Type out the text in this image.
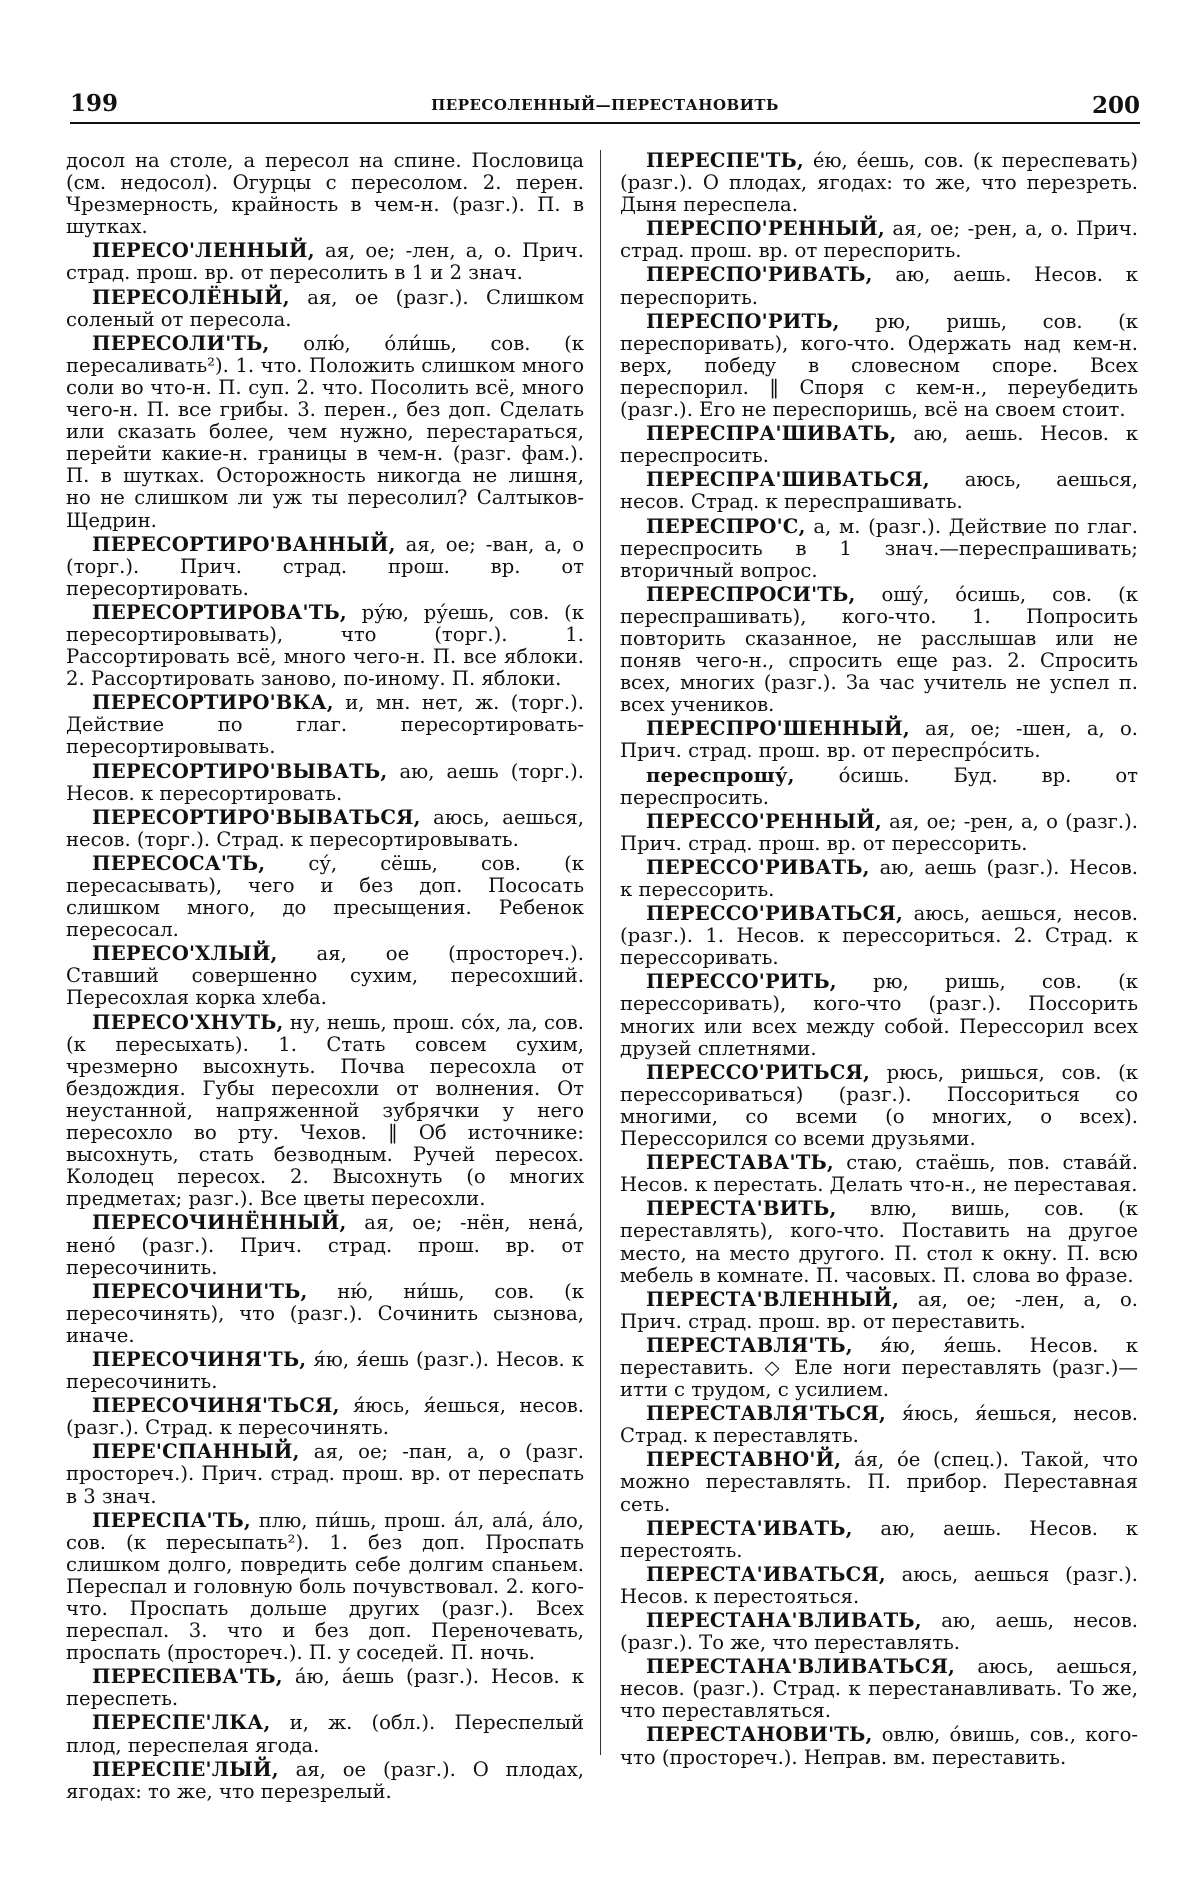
199	ПЕРЕСОЛЕННЫЙ—ПЕРЕСТАНОВИТЬ	200

досол на столе, а пересол на спине. Пословица (см. недосол). Огурцы с пересолом. 2. перен. Чрезмерность, крайность в чем-н. (разг.). П. в шутках.

ПЕРЕСО'ЛЕННЫЙ, ая, ое; -лен, а, о. Прич. страд. прош. вр. от пересолить в 1 и 2 знач.

ПЕРЕСОЛЁНЫЙ, ая, ое (разг.). Слишком соленый от пересола.

ПЕРЕСОЛИ'ТЬ, олю́, о́ли́шь, сов. (к пересаливать²). 1. что. Положить слишком много соли во что-н. П. суп. 2. что. Посолить всё, много чего-н. П. все грибы. 3. перен., без доп. Сделать или сказать более, чем нужно, перестараться, перейти какие-н. границы в чем-н. (разг. фам.). П. в шутках. Осторожность никогда не лишня, но не слишком ли уж ты пересолил? Салтыков-Щедрин.

ПЕРЕСОРТИРО'ВАННЫЙ, ая, ое; -ван, а, о (торг.). Прич. страд. прош. вр. от пересортировать.

ПЕРЕСОРТИРОВА'ТЬ, ру́ю, ру́ешь, сов. (к пересортировывать), что (торг.). 1. Рассортировать всё, много чего-н. П. все яблоки. 2. Рассортировать заново, по-иному. П. яблоки.

ПЕРЕСОРТИРО'ВКА, и, мн. нет, ж. (торг.). Действие по глаг. пересортировать-пересортировывать.

ПЕРЕСОРТИРО'ВЫВАТЬ, аю, аешь (торг.). Несов. к пересортировать.

ПЕРЕСОРТИРО'ВЫВАТЬСЯ, аюсь, аешься, несов. (торг.). Страд. к пересортировывать.

ПЕРЕСОСА'ТЬ, су́, сёшь, сов. (к пересасывать), чего и без доп. Пососать слишком много, до пресыщения. Ребенок пересосал.

ПЕРЕСО'ХЛЫЙ, ая, ое (простореч.). Ставший совершенно сухим, пересохший. Пересохлая корка хлеба.

ПЕРЕСО'ХНУТЬ, ну, нешь, прош. со́х, ла, сов. (к пересыхать). 1. Стать совсем сухим, чрезмерно высохнуть. Почва пересохла от бездождия. Губы пересохли от волнения. От неустанной, напряженной зубрячки у него пересохло во рту. Чехов. ‖ Об источнике: высохнуть, стать безводным. Ручей пересох. Колодец пересох. 2. Высохнуть (о многих предметах; разг.). Все цветы пересохли.

ПЕРЕСОЧИНЁННЫЙ, ая, ое; -нён, нена́, нено́ (разг.). Прич. страд. прош. вр. от пересочинить.

ПЕРЕСОЧИНИ'ТЬ, ню́, ни́шь, сов. (к пересочинять), что (разг.). Сочинить сызнова, иначе.

ПЕРЕСОЧИНЯ'ТЬ, я́ю, я́ешь (разг.). Несов. к пересочинить.

ПЕРЕСОЧИНЯ'ТЬСЯ, я́юсь, я́ешься, несов. (разг.). Страд. к пересочинять.

ПЕРЕ'СПАННЫЙ, ая, ое; -пан, а, о (разг. простореч.). Прич. страд. прош. вр. от переспать в 3 знач.

ПЕРЕСПА'ТЬ, плю, пи́шь, прош. а́л, ала́, а́ло, сов. (к пересыпать²). 1. без доп. Проспать слишком долго, повредить себе долгим спаньем. Переспал и головную боль почувствовал. 2. кого-что. Проспать дольше других (разг.). Всех переспал. 3. что и без доп. Переночевать, проспать (простореч.). П. у соседей. П. ночь.

ПЕРЕСПЕВА'ТЬ, а́ю, а́ешь (разг.). Несов. к переспеть.

ПЕРЕСПЕ'ЛКА, и, ж. (обл.). Переспелый плод, переспелая ягода.

ПЕРЕСПЕ'ЛЫЙ, ая, ое (разг.). О плодах, ягодах: то же, что перезрелый.

ПЕРЕСПЕ'ТЬ, е́ю, е́ешь, сов. (к переспевать) (разг.). О плодах, ягодах: то же, что перезреть. Дыня переспела.

ПЕРЕСПО'РЕННЫЙ, ая, ое; -рен, а, о. Прич. страд. прош. вр. от переспорить.

ПЕРЕСПО'РИВАТЬ, аю, аешь. Несов. к переспорить.

ПЕРЕСПО'РИТЬ, рю, ришь, сов. (к переспоривать), кого-что. Одержать над кем-н. верх, победу в словесном споре. Всех переспорил. ‖ Споря с кем-н., переубедить (разг.). Его не переспоришь, всё на своем стоит.

ПЕРЕСПРА'ШИВАТЬ, аю, аешь. Несов. к переспросить.

ПЕРЕСПРА'ШИВАТЬСЯ, аюсь, аешься, несов. Страд. к переспрашивать.

ПЕРЕСПРО'С, а, м. (разг.). Действие по глаг. переспросить в 1 знач.—переспрашивать; вторичный вопрос.

ПЕРЕСПРОСИ'ТЬ, ошу́, о́сишь, сов. (к переспрашивать), кого-что. 1. Попросить повторить сказанное, не расслышав или не поняв чего-н., спросить еще раз. 2. Спросить всех, многих (разг.). За час учитель не успел п. всех учеников.

ПЕРЕСПРО'ШЕННЫЙ, ая, ое; -шен, а, о. Прич. страд. прош. вр. от переспро́сить.

переспрошу́, о́сишь. Буд. вр. от переспросить.

ПЕРЕССО'РЕННЫЙ, ая, ое; -рен, а, о (разг.). Прич. страд. прош. вр. от перессорить.

ПЕРЕССО'РИВАТЬ, аю, аешь (разг.). Несов. к перессорить.

ПЕРЕССО'РИВАТЬСЯ, аюсь, аешься, несов. (разг.). 1. Несов. к перессориться. 2. Страд. к перессоривать.

ПЕРЕССО'РИТЬ, рю, ришь, сов. (к перессоривать), кого-что (разг.). Поссорить многих или всех между собой. Перессорил всех друзей сплетнями.

ПЕРЕССО'РИТЬСЯ, рюсь, ришься, сов. (к перессориваться) (разг.). Поссориться со многими, со всеми (о многих, о всех). Перессорился со всеми друзьями.

ПЕРЕСТАВА'ТЬ, стаю, стаёшь, пов. става́й. Несов. к перестать. Делать что-н., не переставая.

ПЕРЕСТА'ВИТЬ, влю, вишь, сов. (к переставлять), кого-что. Поставить на другое место, на место другого. П. стол к окну. П. всю мебель в комнате. П. часовых. П. слова во фразе.

ПЕРЕСТА'ВЛЕННЫЙ, ая, ое; -лен, а, о. Прич. страд. прош. вр. от переставить.

ПЕРЕСТАВЛЯ'ТЬ, я́ю, я́ешь. Несов. к переставить. ◇ Еле ноги переставлять (разг.)—итти с трудом, с усилием.

ПЕРЕСТАВЛЯ'ТЬСЯ, я́юсь, я́ешься, несов. Страд. к переставлять.

ПЕРЕСТАВНО'Й, а́я, о́е (спец.). Такой, что можно переставлять. П. прибор. Переставная сеть.

ПЕРЕСТА'ИВАТЬ, аю, аешь. Несов. к перестоять.

ПЕРЕСТА'ИВАТЬСЯ, аюсь, аешься (разг.). Несов. к перестояться.

ПЕРЕСТАНА'ВЛИВАТЬ, аю, аешь, несов. (разг.). То же, что переставлять.

ПЕРЕСТАНА'ВЛИВАТЬСЯ, аюсь, аешься, несов. (разг.). Страд. к перестанавливать. То же, что переставляться.

ПЕРЕСТАНОВИ'ТЬ, овлю, о́вишь, сов., кого-что (простореч.). Неправ. вм. переставить.
